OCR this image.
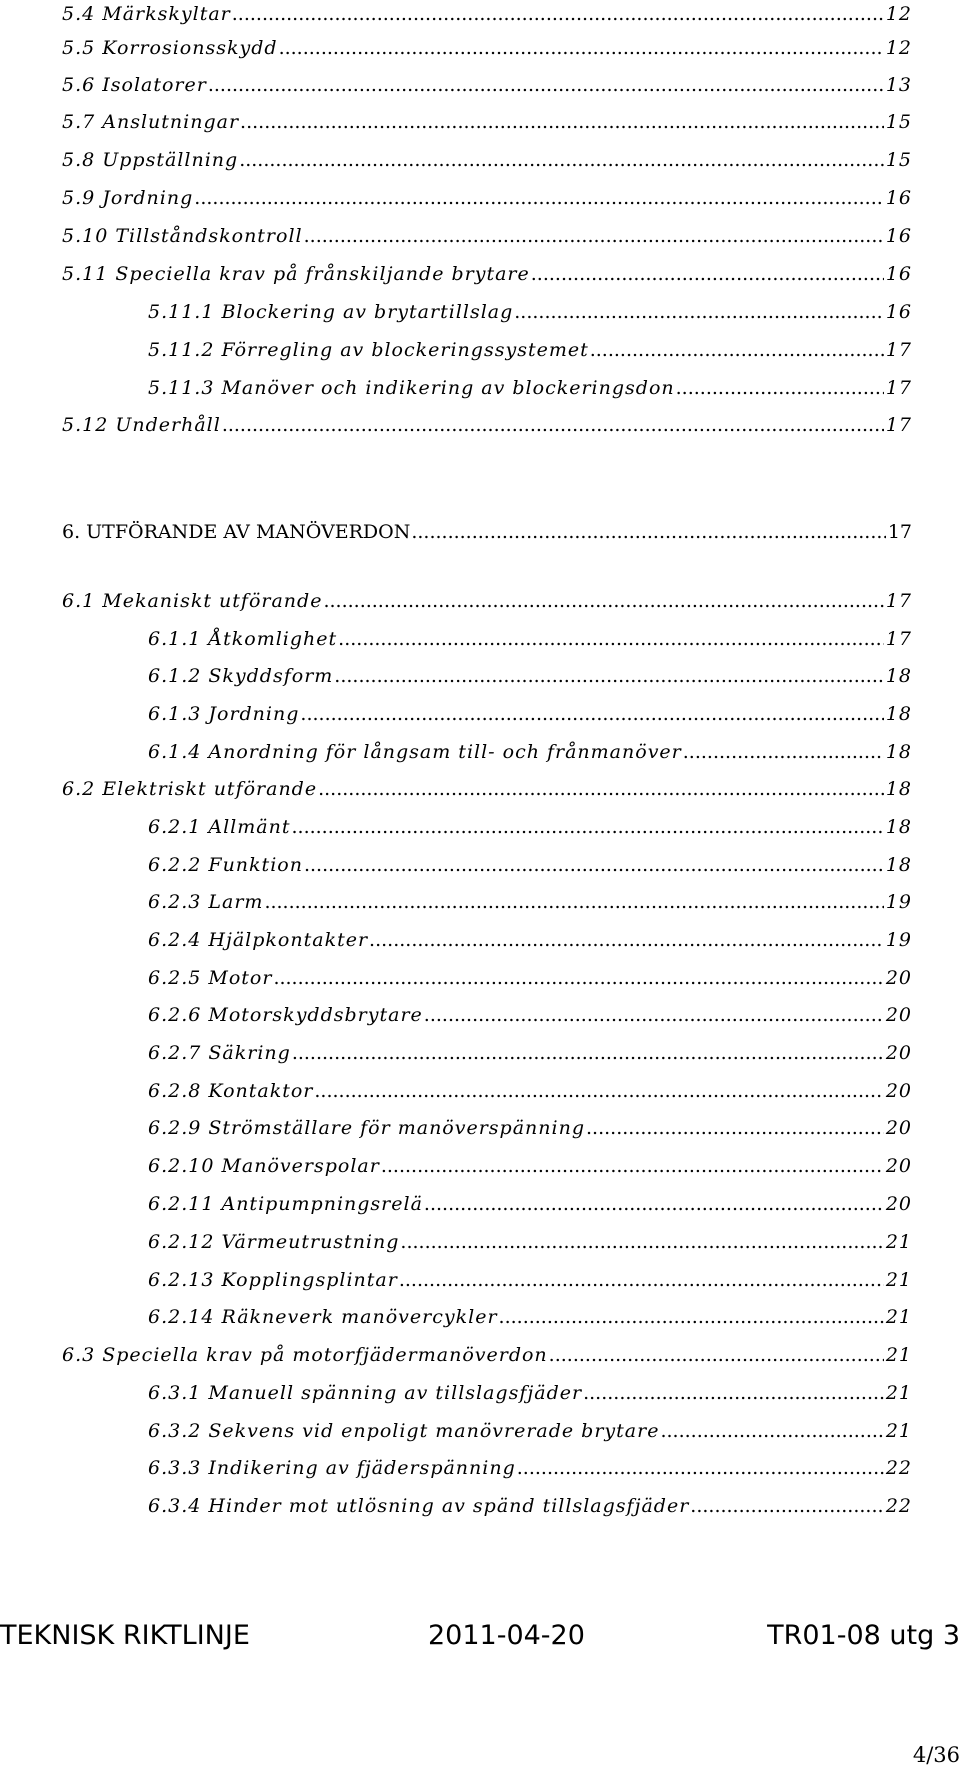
5.4 Märkskyltar .....	12
5.5 Korrosionsskydd .....	12
5.6 Isolatorer .....	13
5.7 Anslutningar .....	15
5.8 Uppställning .....	15
5.9 Jordning .....	16
5.10 Tillståndskontroll .....	16
5.11 Speciella krav på frånskiljande brytare .....	16
5.11.1 Blockering av brytartillslag .....	16
5.11.2 Förregling av blockeringssystemet .....	17
5.11.3 Manöver och indikering av blockeringsdon .....	17
5.12 Underhåll .....	17
6. UTFÖRANDE AV MANÖVERDON .....	17
6.1 Mekaniskt utförande .....	17
6.1.1 Åtkomlighet .....	17
6.1.2 Skyddsform .....	18
6.1.3 Jordning .....	18
6.1.4 Anordning för långsam till- och frånmanöver .....	18
6.2 Elektriskt utförande .....	18
6.2.1 Allmänt .....	18
6.2.2 Funktion .....	18
6.2.3 Larm .....	19
6.2.4 Hjälpkontakter .....	19
6.2.5 Motor .....	20
6.2.6 Motorskyddsbrytare .....	20
6.2.7 Säkring .....	20
6.2.8 Kontaktor .....	20
6.2.9 Strömställare för manöverspänning .....	20
6.2.10 Manöverspolar .....	20
6.2.11 Antipumpningsrelä .....	20
6.2.12 Värmeutrustning .....	21
6.2.13 Kopplingsplintar .....	21
6.2.14 Räkneverk manövercykler .....	21
6.3 Speciella krav på motorfjädermanöverdon .....	21
6.3.1 Manuell spänning av tillslagsfjäder .....	21
6.3.2 Sekvens vid enpoligt manövrerade brytare .....	21
6.3.3 Indikering av fjäderspänning .....	22
6.3.4 Hinder mot utlösning av spänd tillslagsfjäder .....	22
TEKNISK RIKTLINJE	2011-04-20	TR01-08 utg 3
4/36
